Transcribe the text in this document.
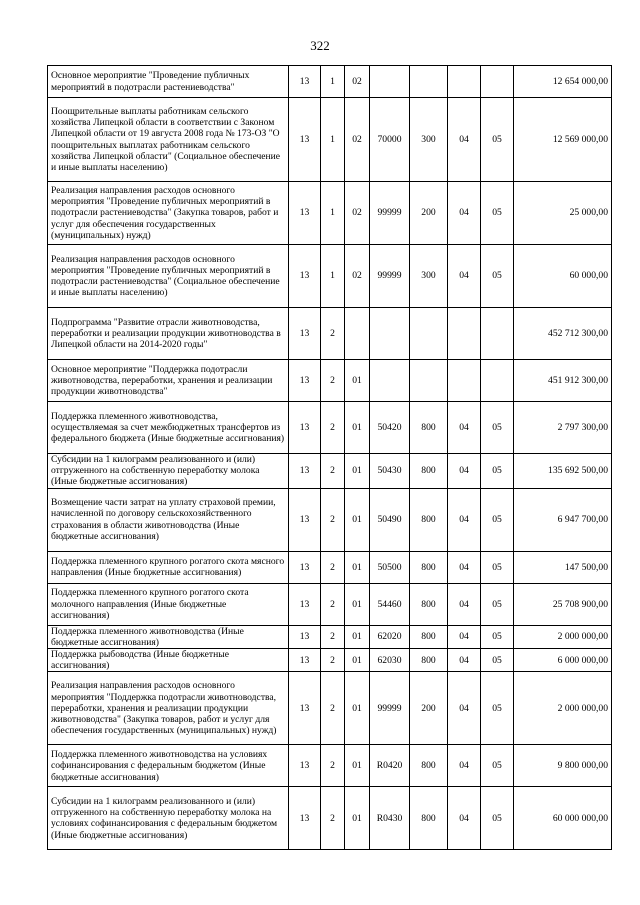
322
Основное мероприятие "Проведение публичных мероприятий в подотрасли растениеводства"	13	1	02					12 654 000,00
Поощрительные выплаты работникам сельского хозяйства Липецкой области в соответствии с Законом Липецкой области от 19 августа 2008 года № 173-ОЗ "О поощрительных выплатах работникам сельского хозяйства Липецкой области" (Социальное обеспечение и иные выплаты населению)	13	1	02	70000	300	04	05	12 569 000,00
Реализация направления расходов основного мероприятия "Проведение публичных мероприятий в подотрасли растениеводства" (Закупка товаров, работ и услуг для обеспечения государственных (муниципальных) нужд)	13	1	02	99999	200	04	05	25 000,00
Реализация направления расходов основного мероприятия "Проведение публичных мероприятий в подотрасли растениеводства" (Социальное обеспечение и иные выплаты населению)	13	1	02	99999	300	04	05	60 000,00
Подпрограмма "Развитие отрасли животноводства, переработки и реализации продукции животноводства в Липецкой области на 2014-2020 годы"	13	2						452 712 300,00
Основное мероприятие "Поддержка подотрасли животноводства, переработки, хранения и реализации продукции животноводства"	13	2	01					451 912 300,00
Поддержка племенного животноводства, осуществляемая за счет межбюджетных трансфертов из федерального бюджета (Иные бюджетные ассигнования)	13	2	01	50420	800	04	05	2 797 300,00
Субсидии на 1 килограмм реализованного и (или) отгруженного на собственную переработку молока (Иные бюджетные ассигнования)	13	2	01	50430	800	04	05	135 692 500,00
Возмещение части затрат на уплату страховой премии, начисленной по договору сельскохозяйственного страхования в области животноводства (Иные бюджетные ассигнования)	13	2	01	50490	800	04	05	6 947 700,00
Поддержка племенного крупного рогатого скота мясного направления (Иные бюджетные ассигнования)	13	2	01	50500	800	04	05	147 500,00
Поддержка племенного крупного рогатого скота молочного направления (Иные бюджетные ассигнования)	13	2	01	54460	800	04	05	25 708 900,00
Поддержка племенного животноводства (Иные бюджетные ассигнования)	13	2	01	62020	800	04	05	2 000 000,00
Поддержка рыбоводства (Иные бюджетные ассигнования)	13	2	01	62030	800	04	05	6 000 000,00
Реализация направления расходов основного мероприятия "Поддержка подотрасли животноводства, переработки, хранения и реализации продукции животноводства" (Закупка товаров, работ и услуг для обеспечения государственных (муниципальных) нужд)	13	2	01	99999	200	04	05	2 000 000,00
Поддержка племенного животноводства на условиях софинансирования с федеральным бюджетом (Иные бюджетные ассигнования)	13	2	01	R0420	800	04	05	9 800 000,00
Субсидии на 1 килограмм реализованного и (или) отгруженного на собственную переработку молока на условиях софинансирования с федеральным бюджетом (Иные бюджетные ассигнования)	13	2	01	R0430	800	04	05	60 000 000,00
